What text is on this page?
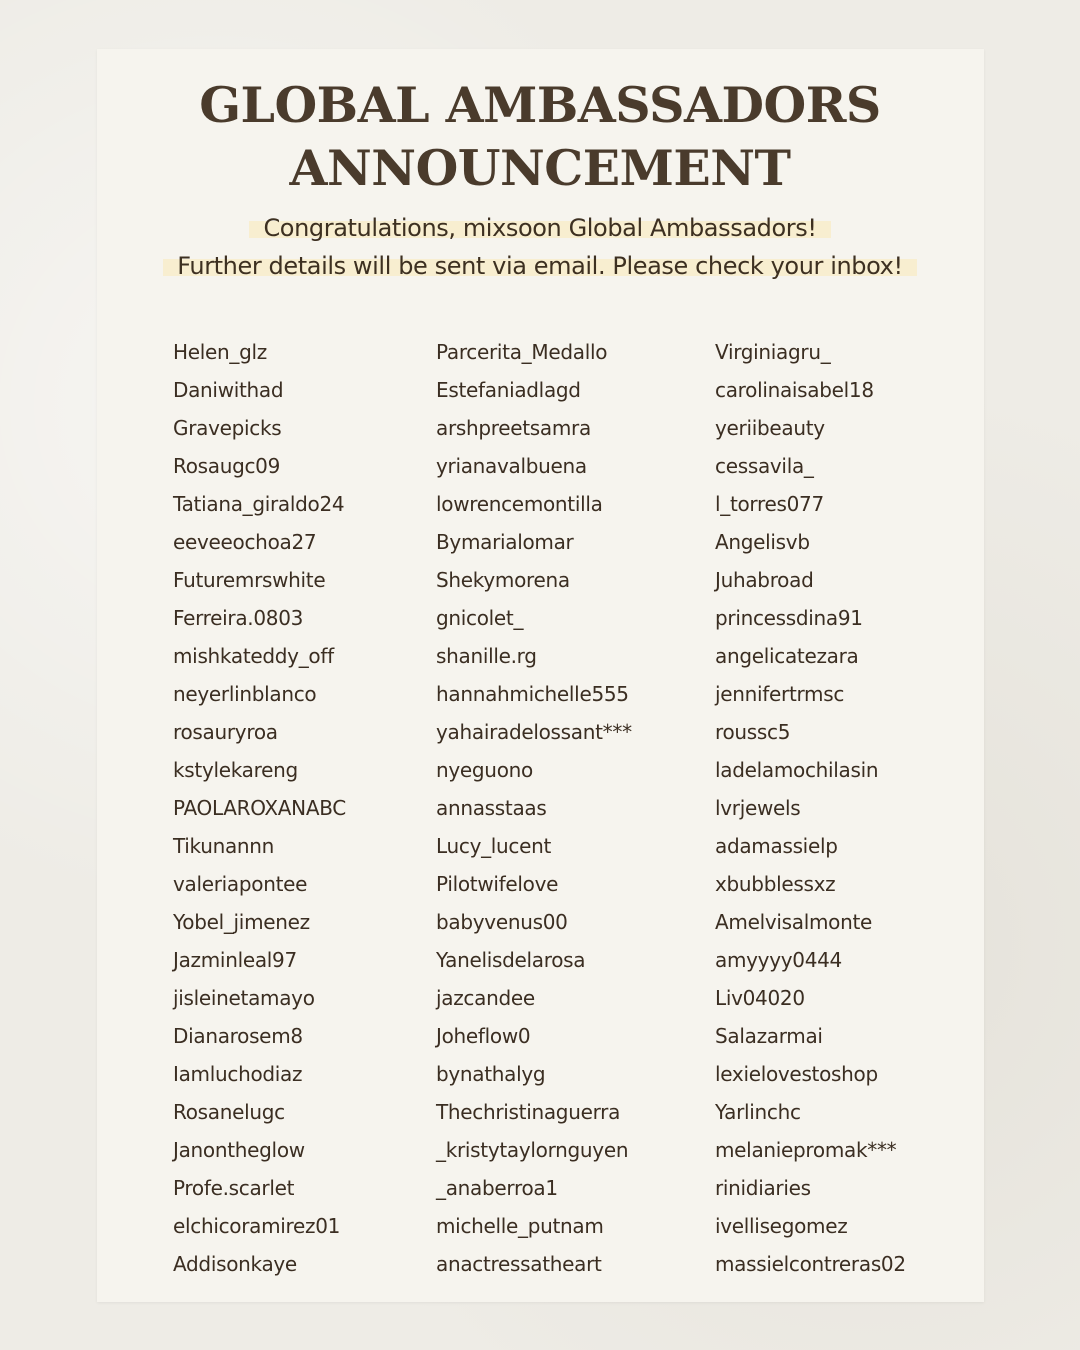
GLOBAL AMBASSADORS
ANNOUNCEMENT
Congratulations, mixsoon Global Ambassadors!
Further details will be sent via email. Please check your inbox!
Helen_glz
Daniwithad
Gravepicks
Rosaugc09
Tatiana_giraldo24
eeveeochoa27
Futuremrswhite
Ferreira.0803
mishkateddy_off
neyerlinblanco
rosauryroa
kstylekareng
PAOLAROXANABC
Tikunannn
valeriapontee
Yobel_jimenez
Jazminleal97
jisleinetamayo
Dianarosem8
Iamluchodiaz
Rosanelugc
Janontheglow
Profe.scarlet
elchicoramirez01
Addisonkaye
Parcerita_Medallo
Estefaniadlagd
arshpreetsamra
yrianavalbuena
lowrencemontilla
Bymarialomar
Shekymorena
gnicolet_
shanille.rg
hannahmichelle555
yahairadelossant***
nyeguono
annasstaas
Lucy_lucent
Pilotwifelove
babyvenus00
Yanelisdelarosa
jazcandee
Joheflow0
bynathalyg
Thechristinaguerra
_kristytaylornguyen
_anaberroa1
michelle_putnam
anactressatheart
Virginiagru_
carolinaisabel18
yeriibeauty
cessavila_
l_torres077
Angelisvb
Juhabroad
princessdina91
angelicatezara
jennifertrmsc
roussc5
ladelamochilasin
lvrjewels
adamassielp
xbubblessxz
Amelvisalmonte
amyyyy0444
Liv04020
Salazarmai
lexielovestoshop
Yarlinchc
melaniepromak***
rinidiaries
ivellisegomez
massielcontreras02
